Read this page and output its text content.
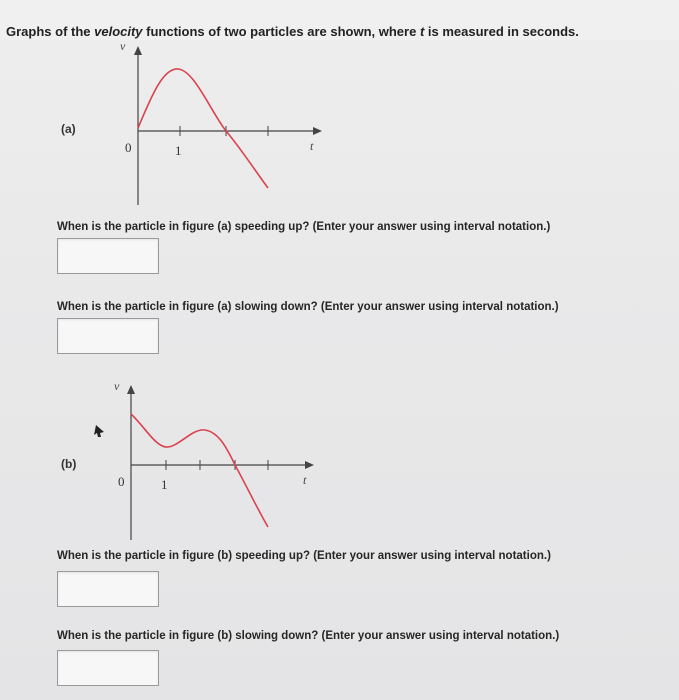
Graphs of the velocity functions of two particles are shown, where t is measured in seconds.
(a)
v
t
0	1
When is the particle in figure (a) speeding up? (Enter your answer using interval notation.)
When is the particle in figure (a) slowing down? (Enter your answer using interval notation.)
(b)
v
t
0	1
When is the particle in figure (b) speeding up? (Enter your answer using interval notation.)
When is the particle in figure (b) slowing down? (Enter your answer using interval notation.)
